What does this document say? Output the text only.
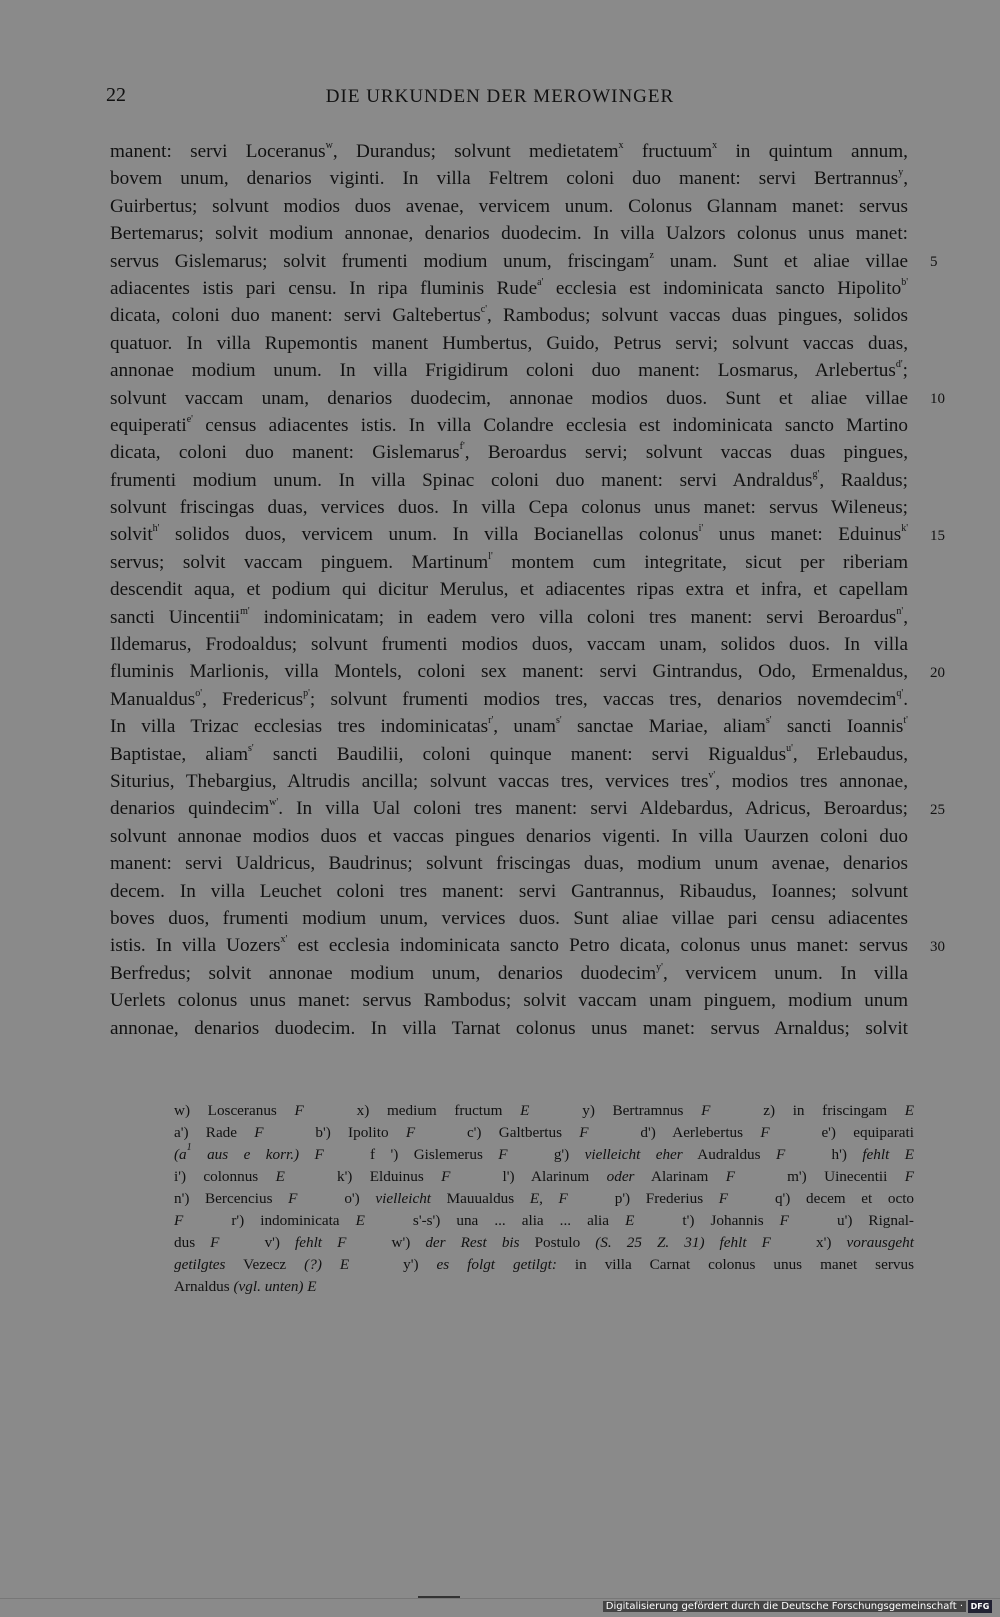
22	DIE URKUNDEN DER MEROWINGER
manent: servi Loceranus$^w$, Durandus; solvunt medietatem$^x$ fructuum$^x$ in quintum annum,
bovem unum, denarios viginti. In villa Feltrem coloni duo manent: servi Bertrannus$^y$,
Guirbertus; solvunt modios duos avenae, vervicem unum. Colonus Glannam manet: servus
Bertemarus; solvit modium annonae, denarios duodecim. In villa Ualzors colonus unus manet:
servus Gislemarus; solvit frumenti modium unum, friscingam$^z$ unam. Sunt et aliae villae
adiacentes istis pari censu. In ripa fluminis Rude$^{a'}$ ecclesia est indominicata sancto Hipolito$^{b'}$
dicata, coloni duo manent: servi Galtebertus$^{c'}$, Rambodus; solvunt vaccas duas pingues, solidos
quatuor. In villa Rupemontis manent Humbertus, Guido, Petrus servi; solvunt vaccas duas,
annonae modium unum. In villa Frigidirum coloni duo manent: Losmarus, Arlebertus$^{d'}$;
solvunt vaccam unam, denarios duodecim, annonae modios duos. Sunt et aliae villae
equiperati$^{e'}$ census adiacentes istis. In villa Colandre ecclesia est indominicata sancto Martino
dicata, coloni duo manent: Gislemarus$^{f'}$, Beroardus servi; solvunt vaccas duas pingues,
frumenti modium unum. In villa Spinac coloni duo manent: servi Andraldus$^{g'}$, Raaldus;
solvunt friscingas duas, vervices duos. In villa Cepa colonus unus manet: servus Wileneus;
solvit$^{h'}$ solidos duos, vervicem unum. In villa Bocianellas colonus$^{i'}$ unus manet: Eduinus$^{k'}$
servus; solvit vaccam pinguem. Martinum$^{l'}$ montem cum integritate, sicut per riberiam
descendit aqua, et podium qui dicitur Merulus, et adiacentes ripas extra et infra, et capellam
sancti Uincentii$^{m'}$ indominicatam; in eadem vero villa coloni tres manent: servi Beroardus$^{n'}$,
Ildemarus, Frodoaldus; solvunt frumenti modios duos, vaccam unam, solidos duos. In villa
fluminis Marlionis, villa Montels, coloni sex manent: servi Gintrandus, Odo, Ermenaldus,
Manualdus$^{o'}$, Fredericus$^{p'}$; solvunt frumenti modios tres, vaccas tres, denarios novemdecim$^{q'}$.
In villa Trizac ecclesias tres indominicatas$^{r'}$, unam$^{s'}$ sanctae Mariae, aliam$^{s'}$ sancti Ioannis$^{t'}$
Baptistae, aliam$^{s'}$ sancti Baudilii, coloni quinque manent: servi Rigualdus$^{u'}$, Erlebaudus,
Siturius, Thebargius, Altrudis ancilla; solvunt vaccas tres, vervices tres$^{v'}$, modios tres annonae,
denarios quindecim$^{w'}$. In villa Ual coloni tres manent: servi Aldebardus, Adricus, Beroardus;
solvunt annonae modios duos et vaccas pingues denarios vigenti. In villa Uaurzen coloni duo
manent: servi Ualdricus, Baudrinus; solvunt friscingas duas, modium unum avenae, denarios
decem. In villa Leuchet coloni tres manent: servi Gantrannus, Ribaudus, Ioannes; solvunt
boves duos, frumenti modium unum, vervices duos. Sunt aliae villae pari censu adiacentes
istis. In villa Uozers$^{x'}$ est ecclesia indominicata sancto Petro dicata, colonus unus manet: servus
Berfredus; solvit annonae modium unum, denarios duodecim$^{y'}$, vervicem unum. In villa
Uerlets colonus unus manet: servus Rambodus; solvit vaccam unam pinguem, modium unum
annonae, denarios duodecim. In villa Tarnat colonus unus manet: servus Arnaldus; solvit
5
10
15
20
25
30
w) Losceranus F   x) medium fructum E   y) Bertramnus F   z) in friscingam E
a') Rade F   b') Ipolito F   c') Galtbertus F   d') Aerlebertus F   e') equiparati
($a^1$ aus e korr.) F   f ') Gislemerus F   g') vielleicht eher Audraldus F   h') fehlt E
i') colonnus E   k') Elduinus F   l') Alarinum oder Alarinam F   m') Uinecentii F
n') Bercencius F   o') vielleicht Mauualdus E, F   p') Frederius F   q') decem et octo
F   r') indominicata E   s'-s') una ... alia ... alia E   t') Johannis F   u') Rignal-
dus F   v') fehlt F   w') der Rest bis Postulo (S. 25 Z. 31) fehlt F   x') vorausgeht
getilgtes Vezecz (?) E   y') es folgt getilgt: in villa Carnat colonus unus manet servus
Arnaldus (vgl. unten) E
Digitalisierung gefördert durch die Deutsche Forschungsgemeinschaft · DFG
